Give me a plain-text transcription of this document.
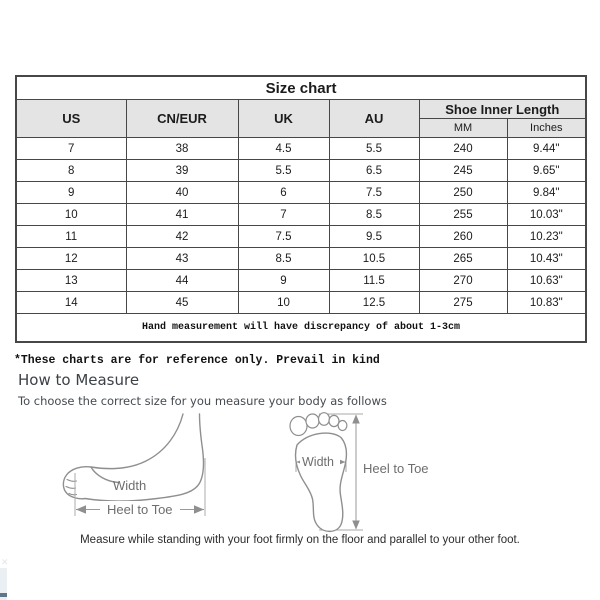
Size chart					
US	CN/EUR	UK	AU	Shoe Inner Length	
				MM	Inches
7	38	4.5	5.5	240	9.44"
8	39	5.5	6.5	245	9.65"
9	40	6	7.5	250	9.84"
10	41	7	8.5	255	10.03"
11	42	7.5	9.5	260	10.23"
12	43	8.5	10.5	265	10.43"
13	44	9	11.5	270	10.63"
14	45	10	12.5	275	10.83"
Hand measurement will have discrepancy of about 1-3cm					
*These charts are for reference only. Prevail in kind
How to Measure
To choose the correct size for you measure your body as follows
Width
Heel to Toe
Width Heel to Toe
Measure while standing with your foot firmly on the floor and parallel to your other foot.
✕
